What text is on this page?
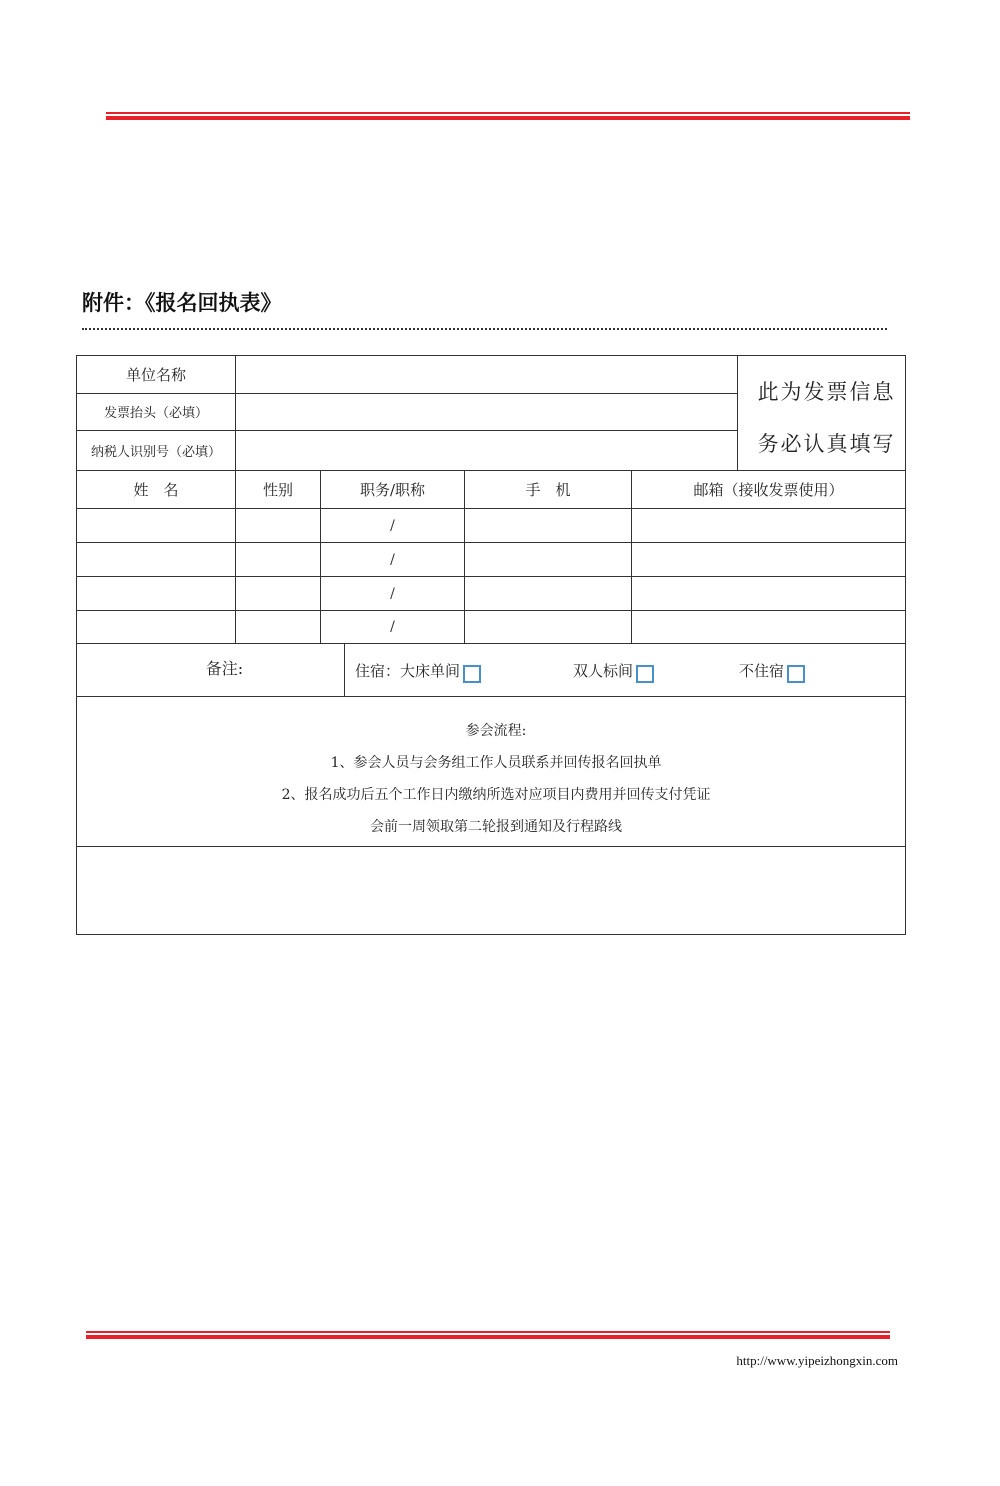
附件：《报名回执表》
单位名称						此为发票信息
务必认真填写

发票抬头（必填）						
纳税人识别号（必填）						
姓　名	性别	职务/职称		手　机	邮箱（接收发票使用）	
		/				
		/				
		/				
		/				
备注:			住宿：大床单间 双人标间 不住宿			

参会流程:
1、参会人员与会务组工作人员联系并回传报名回执单
2、报名成功后五个工作日内缴纳所选对应项目内费用并回传支付凭证
会前一周领取第二轮报到通知及行程路线						

http://www.yipeizhongxin.com
